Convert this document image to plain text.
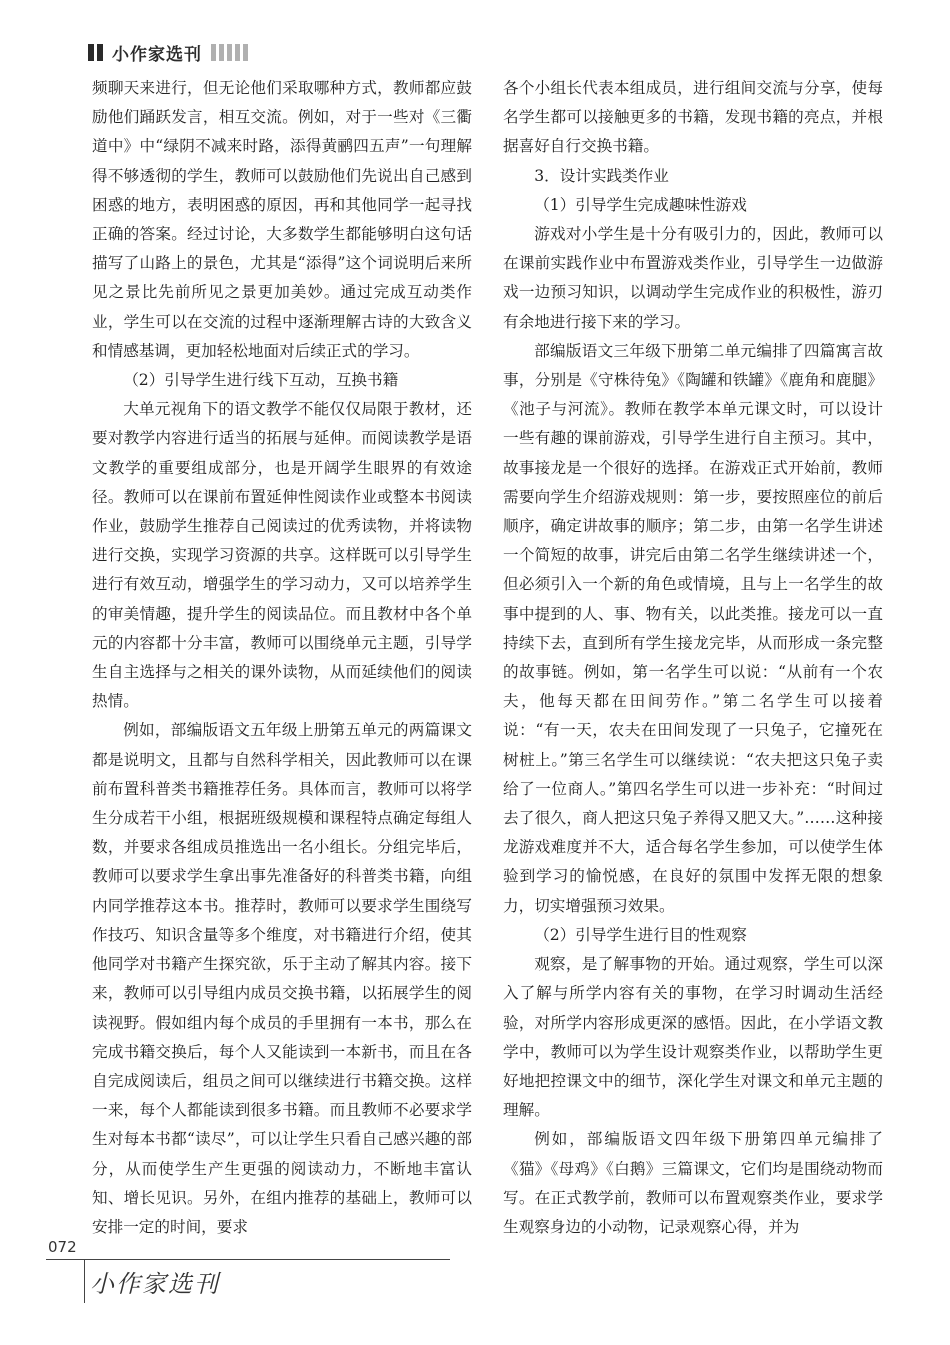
小作家选刊

频聊天来进行，但无论他们采取哪种方式，教师都应鼓励他们踊跃发言，相互交流。例如，对于一些对《三衢道中》中“绿阴不减来时路，添得黄鹂四五声”一句理解得不够透彻的学生，教师可以鼓励他们先说出自己感到困惑的地方，表明困惑的原因，再和其他同学一起寻找正确的答案。经过讨论，大多数学生都能够明白这句话描写了山路上的景色，尤其是“添得”这个词说明后来所见之景比先前所见之景更加美妙。通过完成互动类作业，学生可以在交流的过程中逐渐理解古诗的大致含义和情感基调，更加轻松地面对后续正式的学习。

（2）引导学生进行线下互动，互换书籍

大单元视角下的语文教学不能仅仅局限于教材，还要对教学内容进行适当的拓展与延伸。而阅读教学是语文教学的重要组成部分，也是开阔学生眼界的有效途径。教师可以在课前布置延伸性阅读作业或整本书阅读作业，鼓励学生推荐自己阅读过的优秀读物，并将读物进行交换，实现学习资源的共享。这样既可以引导学生进行有效互动，增强学生的学习动力，又可以培养学生的审美情趣，提升学生的阅读品位。而且教材中各个单元的内容都十分丰富，教师可以围绕单元主题，引导学生自主选择与之相关的课外读物，从而延续他们的阅读热情。

例如，部编版语文五年级上册第五单元的两篇课文都是说明文，且都与自然科学相关，因此教师可以在课前布置科普类书籍推荐任务。具体而言，教师可以将学生分成若干小组，根据班级规模和课程特点确定每组人数，并要求各组成员推选出一名小组长。分组完毕后，教师可以要求学生拿出事先准备好的科普类书籍，向组内同学推荐这本书。推荐时，教师可以要求学生围绕写作技巧、知识含量等多个维度，对书籍进行介绍，使其他同学对书籍产生探究欲，乐于主动了解其内容。接下来，教师可以引导组内成员交换书籍，以拓展学生的阅读视野。假如组内每个成员的手里拥有一本书，那么在完成书籍交换后，每个人又能读到一本新书，而且在各自完成阅读后，组员之间可以继续进行书籍交换。这样一来，每个人都能读到很多书籍。而且教师不必要求学生对每本书都“读尽”，可以让学生只看自己感兴趣的部分，从而使学生产生更强的阅读动力，不断地丰富认知、增长见识。另外，在组内推荐的基础上，教师可以安排一定的时间，要求

各个小组长代表本组成员，进行组间交流与分享，使每名学生都可以接触更多的书籍，发现书籍的亮点，并根据喜好自行交换书籍。

3．设计实践类作业

（1）引导学生完成趣味性游戏

游戏对小学生是十分有吸引力的，因此，教师可以在课前实践作业中布置游戏类作业，引导学生一边做游戏一边预习知识，以调动学生完成作业的积极性，游刃有余地进行接下来的学习。

部编版语文三年级下册第二单元编排了四篇寓言故事，分别是《守株待兔》《陶罐和铁罐》《鹿角和鹿腿》《池子与河流》。教师在教学本单元课文时，可以设计一些有趣的课前游戏，引导学生进行自主预习。其中，故事接龙是一个很好的选择。在游戏正式开始前，教师需要向学生介绍游戏规则：第一步，要按照座位的前后顺序，确定讲故事的顺序；第二步，由第一名学生讲述一个简短的故事，讲完后由第二名学生继续讲述一个，但必须引入一个新的角色或情境，且与上一名学生的故事中提到的人、事、物有关，以此类推。接龙可以一直持续下去，直到所有学生接龙完毕，从而形成一条完整的故事链。例如，第一名学生可以说：“从前有一个农夫，他每天都在田间劳作。”第二名学生可以接着说：“有一天，农夫在田间发现了一只兔子，它撞死在树桩上。”第三名学生可以继续说：“农夫把这只兔子卖给了一位商人。”第四名学生可以进一步补充：“时间过去了很久，商人把这只兔子养得又肥又大。”……这种接龙游戏难度并不大，适合每名学生参加，可以使学生体验到学习的愉悦感，在良好的氛围中发挥无限的想象力，切实增强预习效果。

（2）引导学生进行目的性观察

观察，是了解事物的开始。通过观察，学生可以深入了解与所学内容有关的事物，在学习时调动生活经验，对所学内容形成更深的感悟。因此，在小学语文教学中，教师可以为学生设计观察类作业，以帮助学生更好地把控课文中的细节，深化学生对课文和单元主题的理解。

例如，部编版语文四年级下册第四单元编排了《猫》《母鸡》《白鹅》三篇课文，它们均是围绕动物而写。在正式教学前，教师可以布置观察类作业，要求学生观察身边的小动物，记录观察心得，并为

072
小作家选刊
